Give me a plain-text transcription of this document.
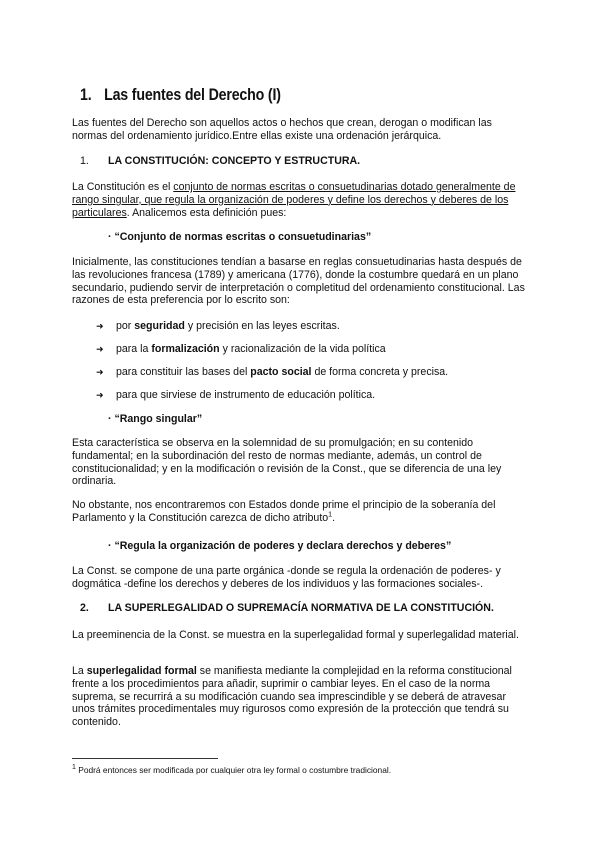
1. Las fuentes del Derecho (I)
Las fuentes del Derecho son aquellos actos o hechos que crean, derogan o modifican las normas del ordenamiento jurídico.Entre ellas existe una ordenación jerárquica.
1. LA CONSTITUCIÓN: CONCEPTO Y ESTRUCTURA.
La Constitución es el conjunto de normas escritas o consuetudinarias dotado generalmente de rango singular, que regula la organización de poderes y define los derechos y deberes de los particulares. Analicemos esta definición pues:
· “Conjunto de normas escritas o consuetudinarias”
Inicialmente, las constituciones tendían a basarse en reglas consuetudinarias hasta después de las revoluciones francesa (1789) y americana (1776), donde la costumbre quedará en un plano secundario, pudiendo servir de interpretación o completitud del ordenamiento constitucional. Las razones de esta preferencia por lo escrito son:
➜ por seguridad y precisión en las leyes escritas.
➜ para la formalización y racionalización de la vida política
➜ para constituir las bases del pacto social de forma concreta y precisa.
➜ para que sirviese de instrumento de educación política.
· “Rango singular”
Esta característica se observa en la solemnidad de su promulgación; en su contenido fundamental; en la subordinación del resto de normas mediante, además, un control de constitucionalidad; y en la modificación o revisión de la Const., que se diferencia de una ley ordinaria.
No obstante, nos encontraremos con Estados donde prime el principio de la soberanía del Parlamento y la Constitución carezca de dicho atributo$^1$.
· “Regula la organización de poderes y declara derechos y deberes”
La Const. se compone de una parte orgánica -donde se regula la ordenación de poderes- y dogmática -define los derechos y deberes de los individuos y las formaciones sociales-.
2. LA SUPERLEGALIDAD O SUPREMACÍA NORMATIVA DE LA CONSTITUCIÓN.
La preeminencia de la Const. se muestra en la superlegalidad formal y superlegalidad material.
La superlegalidad formal se manifiesta mediante la complejidad en la reforma constitucional frente a los procedimientos para añadir, suprimir o cambiar leyes. En el caso de la norma suprema, se recurrirá a su modificación cuando sea imprescindible y se deberá de atravesar unos trámites procedimentales muy rigurosos como expresión de la protección que tendrá su contenido.
$^1$ Podrá entonces ser modificada por cualquier otra ley formal o costumbre tradicional.
